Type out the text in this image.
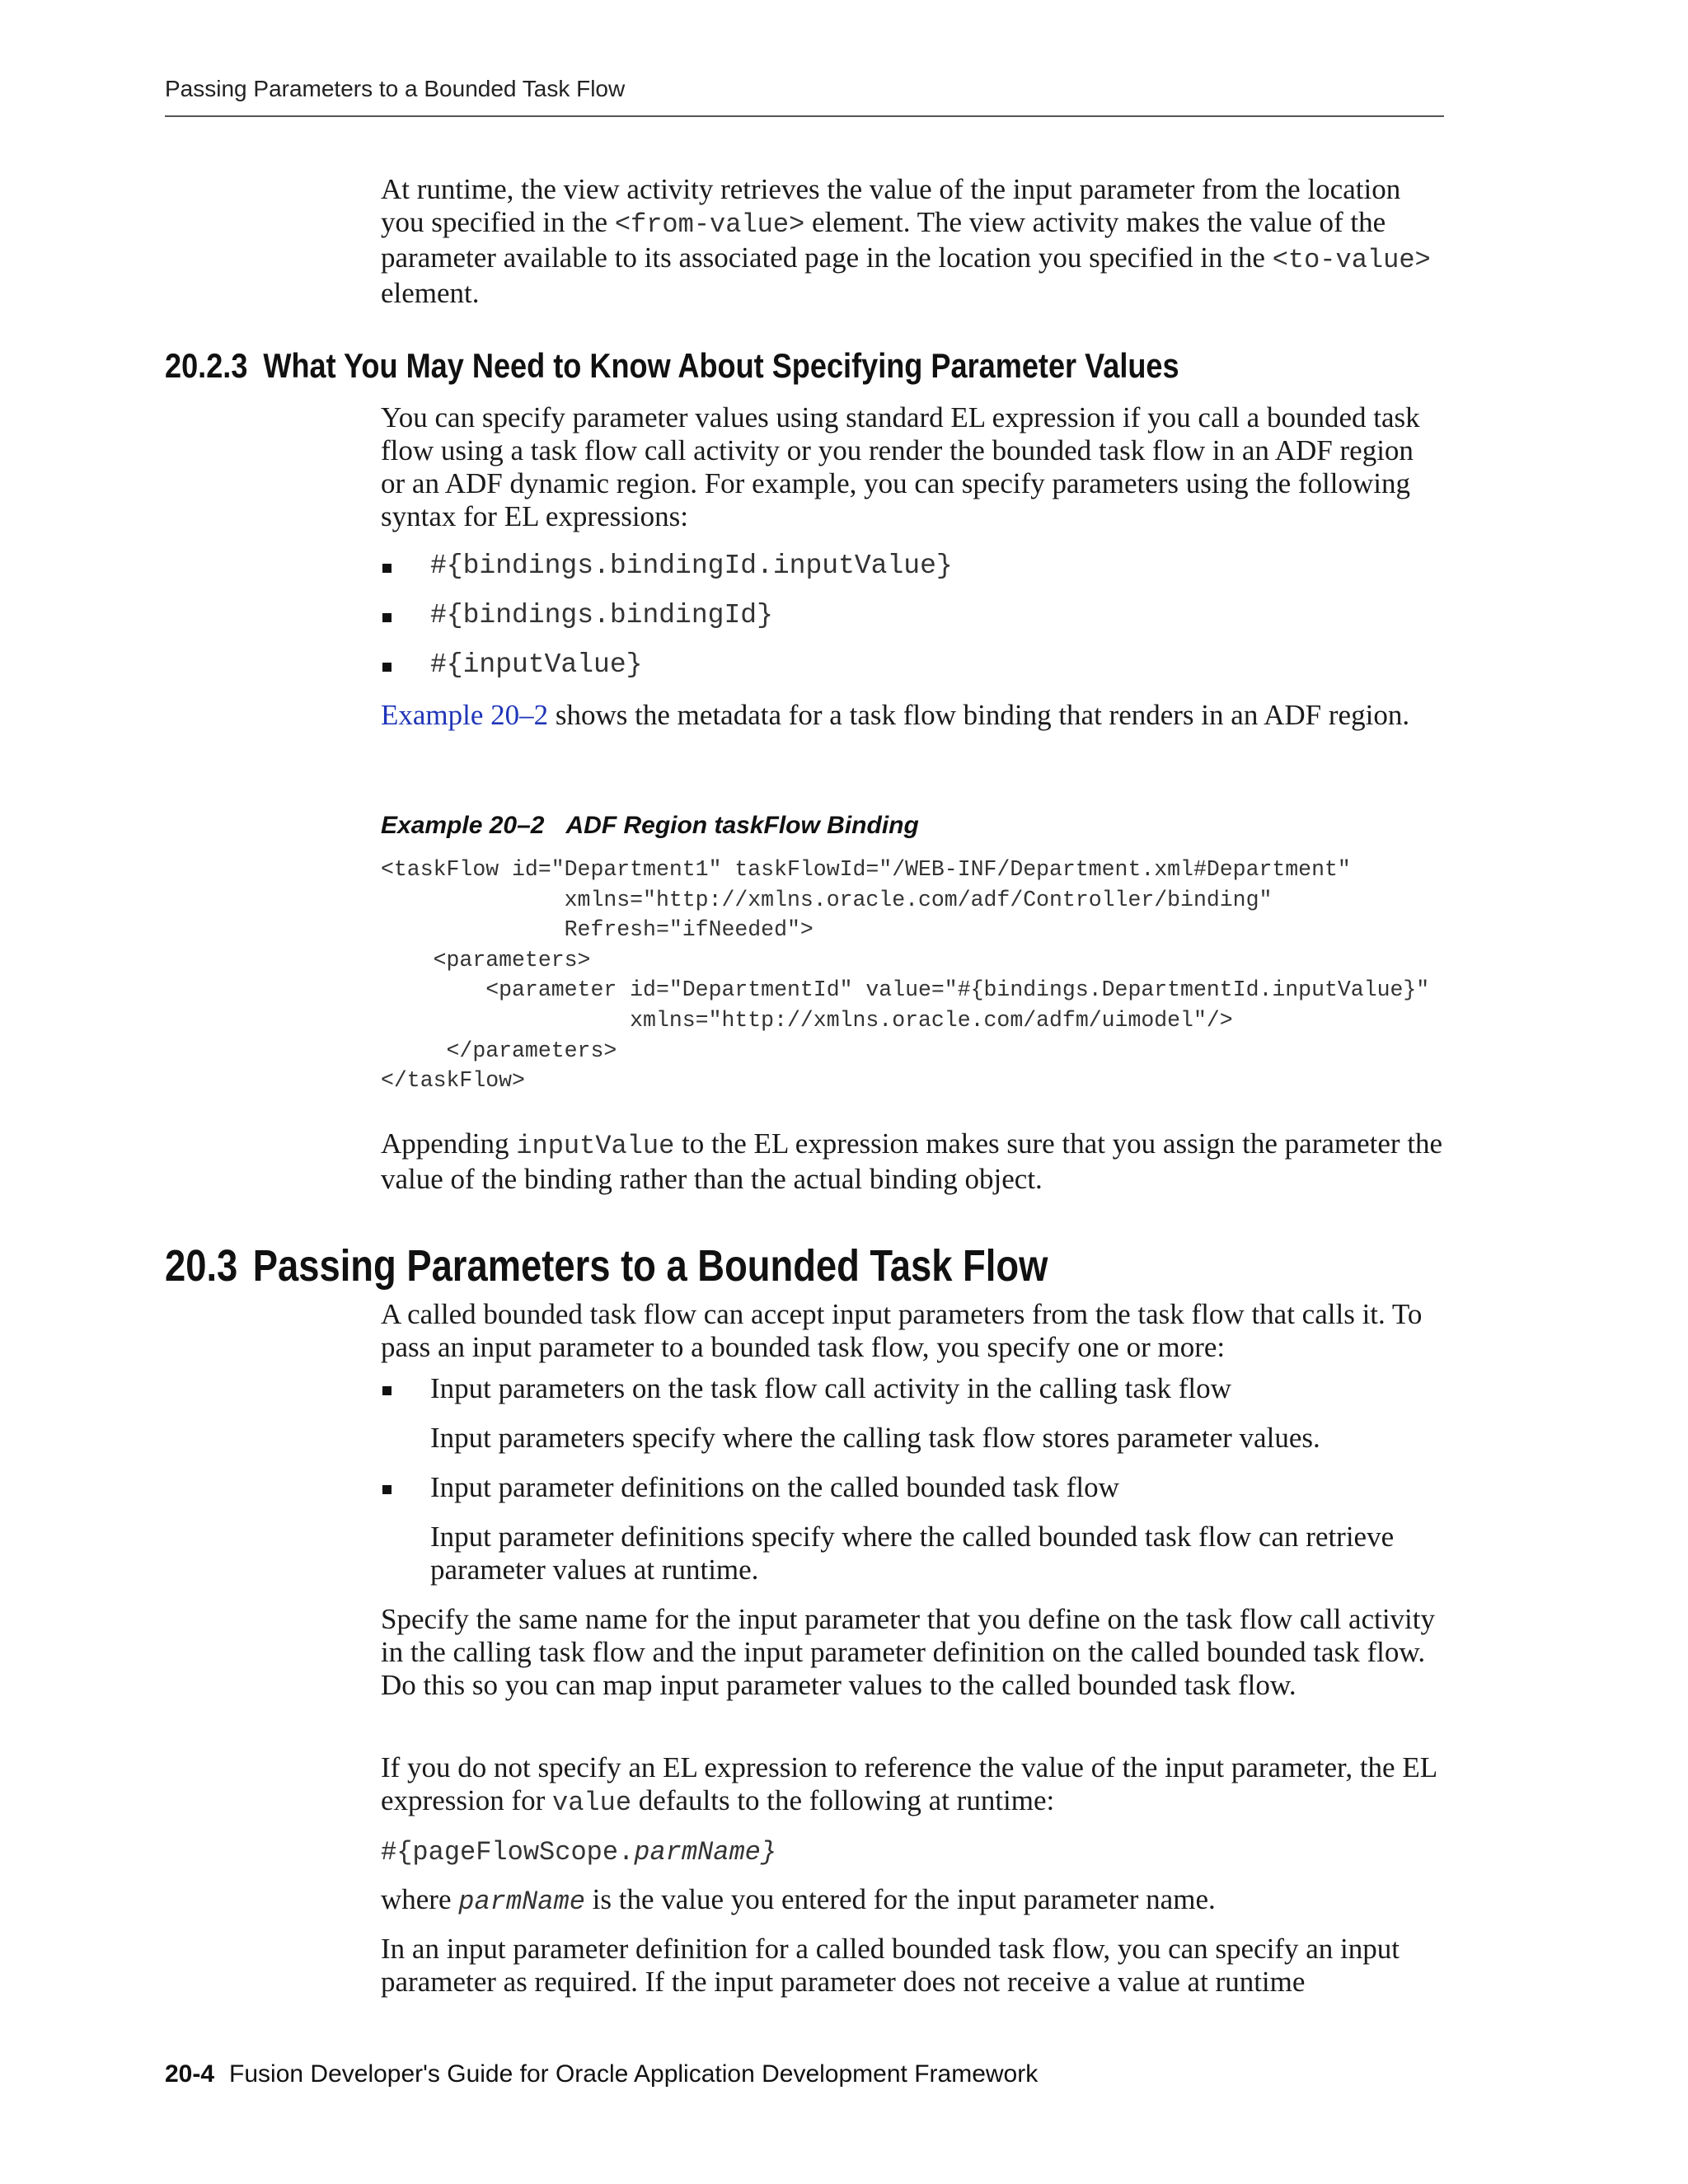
Passing Parameters to a Bounded Task Flow

At runtime, the view activity retrieves the value of the input parameter from the location you specified in the <from-value> element. The view activity makes the value of the parameter available to its associated page in the location you specified in the <to-value> element.

20.2.3 What You May Need to Know About Specifying Parameter Values

You can specify parameter values using standard EL expression if you call a bounded task flow using a task flow call activity or you render the bounded task flow in an ADF region or an ADF dynamic region. For example, you can specify parameters using the following syntax for EL expressions:

#{bindings.bindingId.inputValue}
#{bindings.bindingId}
#{inputValue}

Example 20–2 shows the metadata for a task flow binding that renders in an ADF region.

Example 20–2 ADF Region taskFlow Binding
<taskFlow id="Department1" taskFlowId="/WEB-INF/Department.xml#Department"
xmlns="http://xmlns.oracle.com/adf/Controller/binding"
Refresh="ifNeeded">
<parameters>
<parameter id="DepartmentId" value="#{bindings.DepartmentId.inputValue}"
xmlns="http://xmlns.oracle.com/adfm/uimodel"/>
</parameters>
</taskFlow>

Appending inputValue to the EL expression makes sure that you assign the parameter the value of the binding rather than the actual binding object.

20.3 Passing Parameters to a Bounded Task Flow

A called bounded task flow can accept input parameters from the task flow that calls it. To pass an input parameter to a bounded task flow, you specify one or more:

Input parameters on the task flow call activity in the calling task flow
Input parameters specify where the calling task flow stores parameter values.
Input parameter definitions on the called bounded task flow
Input parameter definitions specify where the called bounded task flow can retrieve parameter values at runtime.

Specify the same name for the input parameter that you define on the task flow call activity in the calling task flow and the input parameter definition on the called bounded task flow. Do this so you can map input parameter values to the called bounded task flow.

If you do not specify an EL expression to reference the value of the input parameter, the EL expression for value defaults to the following at runtime:

#{pageFlowScope.parmName}

where parmName is the value you entered for the input parameter name.

In an input parameter definition for a called bounded task flow, you can specify an input parameter as required. If the input parameter does not receive a value at runtime

20-4 Fusion Developer's Guide for Oracle Application Development Framework
